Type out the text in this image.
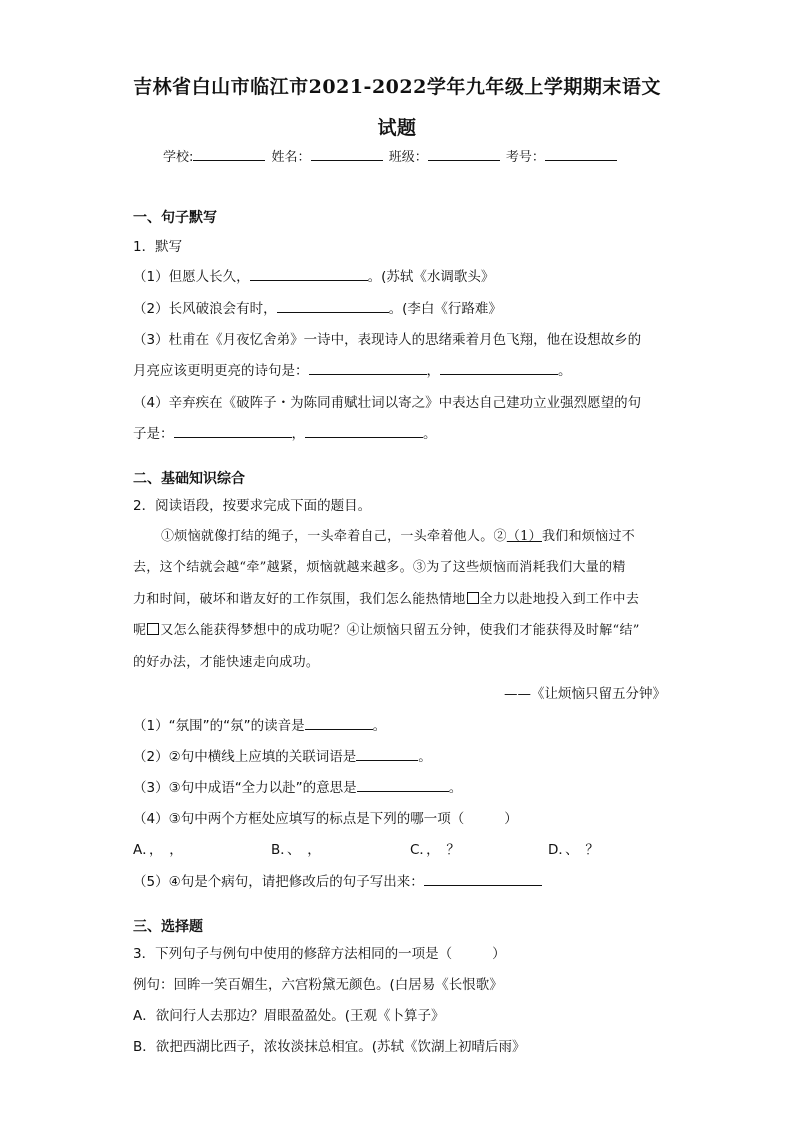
吉林省白山市临江市2021-2022学年九年级上学期期末语文
试题
学校:	姓名：	班级：	考号：
一、句子默写
1．默写
（1）但愿人长久，	。(苏轼《水调歌头》
（2）长风破浪会有时，	。(李白《行路难》
（3）杜甫在《月夜忆舍弟》一诗中，表现诗人的思绪乘着月色飞翔，他在设想故乡的
月亮应该更明更亮的诗句是：	，	。
（4）辛弃疾在《破阵子・为陈同甫赋壮词以寄之》中表达自己建功立业强烈愿望的句
子是：	，	。
二、基础知识综合
2．阅读语段，按要求完成下面的题目。
①烦恼就像打结的绳子，一头牵着自己，一头牵着他人。②（1）我们和烦恼过不
去，这个结就会越“牵”越紧，烦恼就越来越多。③为了这些烦恼而消耗我们大量的精
力和时间，破坏和谐友好的工作氛围，我们怎么能热情地 全力以赴地投入到工作中去
呢 又怎么能获得梦想中的成功呢？④让烦恼只留五分钟，使我们才能获得及时解“结”
的好办法，才能快速走向成功。
——《让烦恼只留五分钟》
（1）“氛围”的“氛”的读音是	。
（2）②句中横线上应填的关联词语是	。
（3）③句中成语“全力以赴”的意思是	。
（4）③句中两个方框处应填写的标点是下列的哪一项（	）
A．，　，	B．、　，	C．，　？	D．、　？
（5）④句是个病句，请把修改后的句子写出来：
三、选择题
3．下列句子与例句中使用的修辞方法相同的一项是（	）
例句：回眸一笑百媚生，六宫粉黛无颜色。(白居易《长恨歌》
A．欲问行人去那边？眉眼盈盈处。(王观《卜算子》
B．欲把西湖比西子，浓妆淡抹总相宜。(苏轼《饮湖上初晴后雨》
